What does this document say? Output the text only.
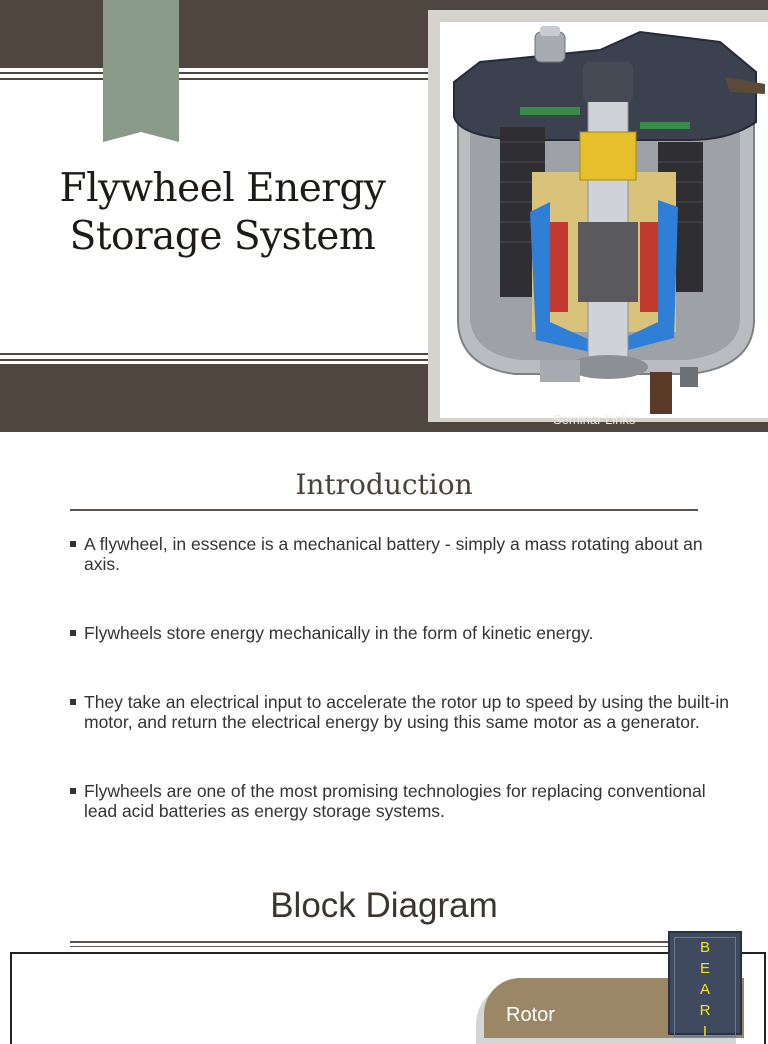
Flywheel Energy
Storage System
Seminar Links
Introduction
A flywheel, in essence is a mechanical battery - simply a mass rotating about an axis.
Flywheels store energy mechanically in the form of kinetic energy.
They take an electrical input to accelerate the rotor up to speed by using the built-in motor, and return the electrical energy by using this same motor as a generator.
Flywheels are one of the most promising technologies for replacing conventional lead acid batteries as energy storage systems.
Block Diagram
Rotor
B
E
A
R
I
